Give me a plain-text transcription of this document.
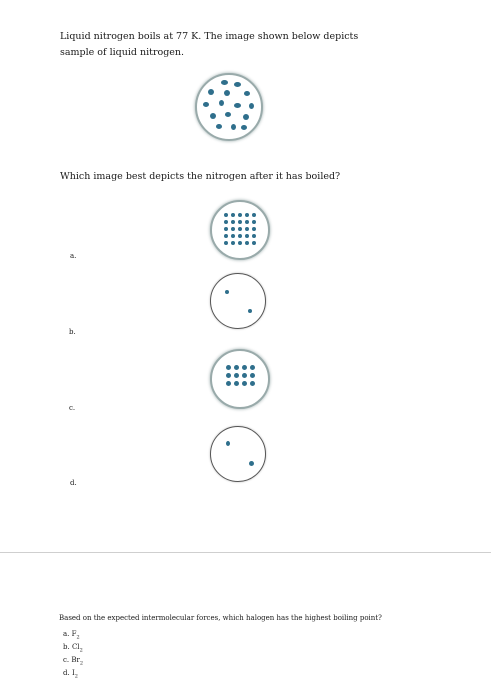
Liquid nitrogen boils at 77 K. The image shown below depicts
sample of liquid nitrogen.
Which image best depicts the nitrogen after it has boiled?
a.
b.
c.
d.
Based on the expected intermolecular forces, which halogen has the highest boiling point?
a. $F_2$
b. $Cl_2$
c. $Br_2$
d. $I_2$
